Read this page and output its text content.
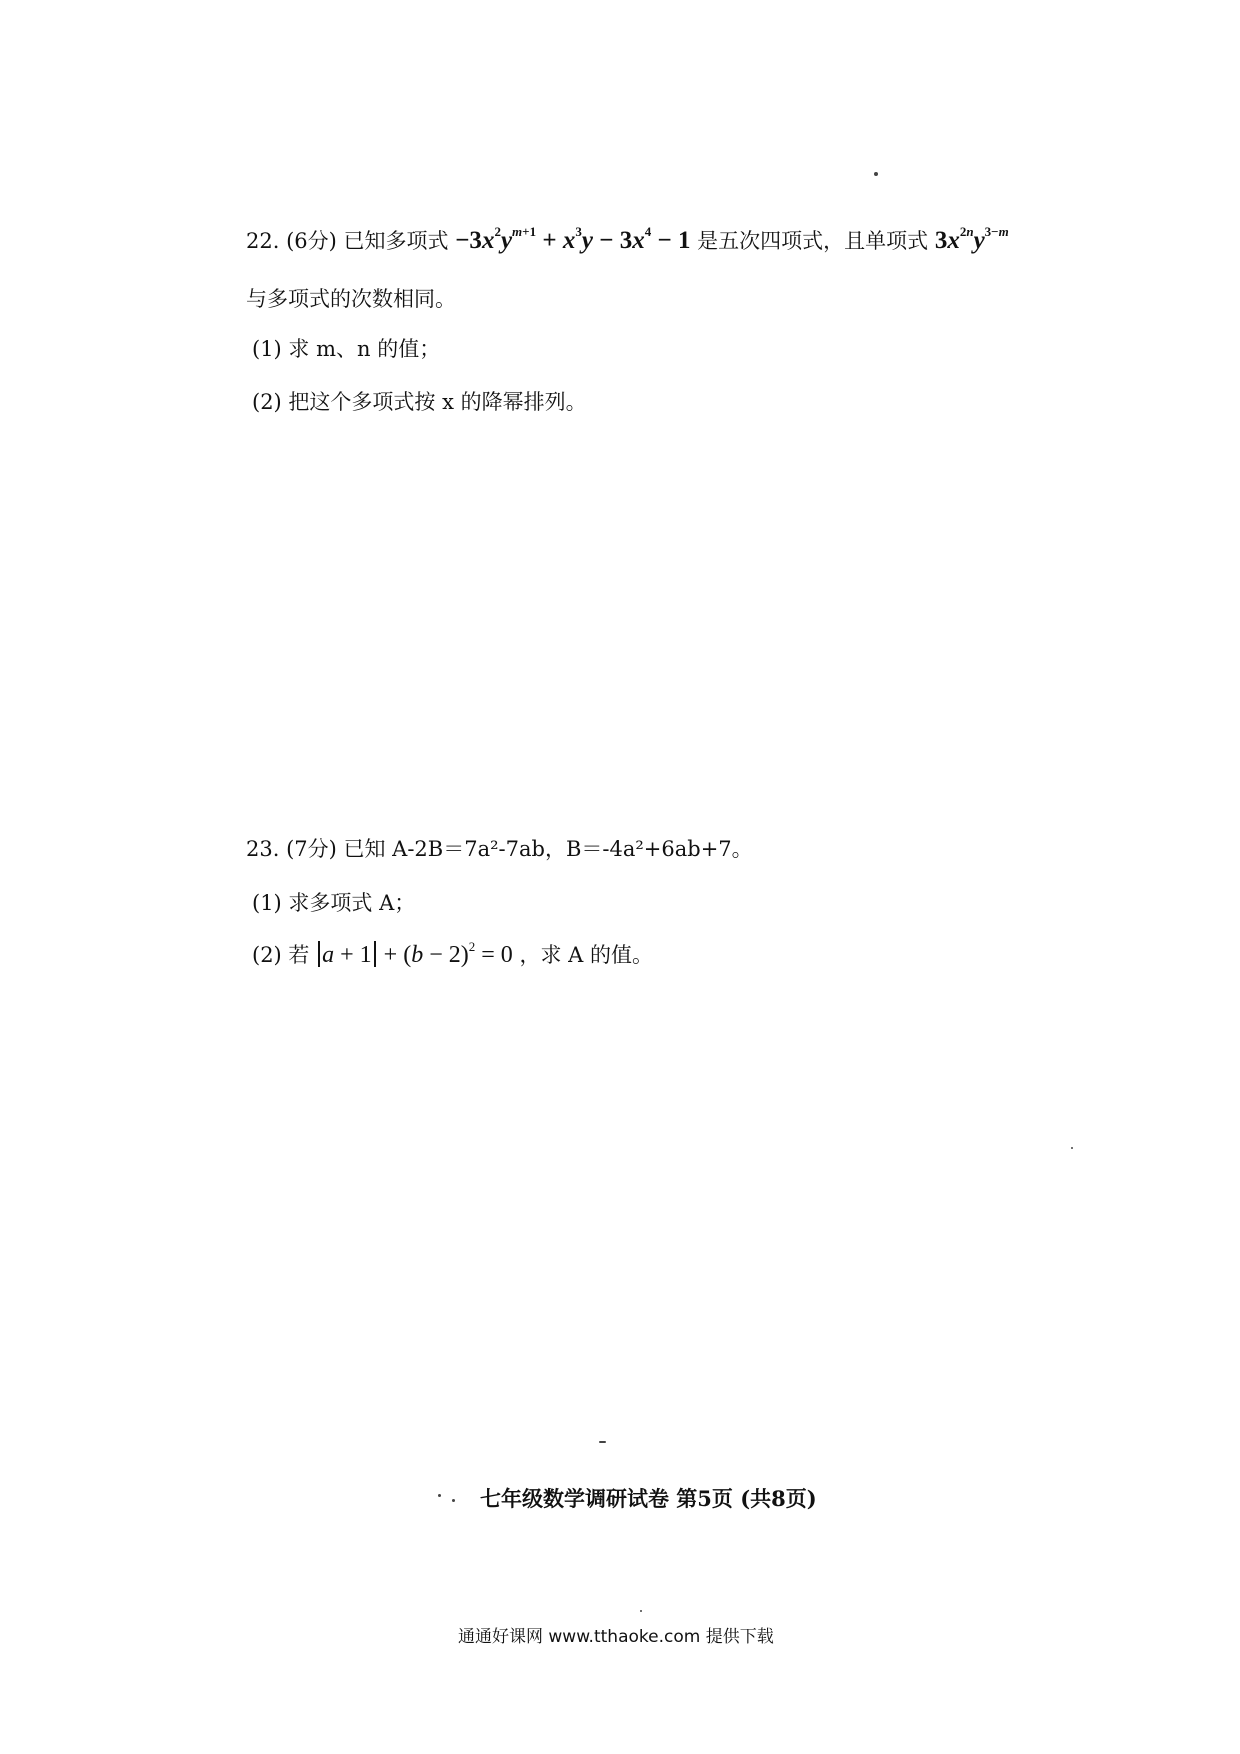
22. (6分) 已知多项式 $-3x^2y^{m+1} + x^3y - 3x^4 - 1$ 是五次四项式，且单项式 $3x^{2n}y^{3-m}$
与多项式的次数相同。
(1) 求 m、n 的值；
(2) 把这个多项式按 x 的降幂排列。
23. (7分) 已知 A-2B＝7a²-7ab，B＝-4a²+6ab+7。
(1) 求多项式 A；
(2) 若 $a + 1 + (b - 2)^2 = 0$ ，求 A 的值。
七年级数学调研试卷 第5页 (共8页)
通通好课网 www.tthaoke.com 提供下载
